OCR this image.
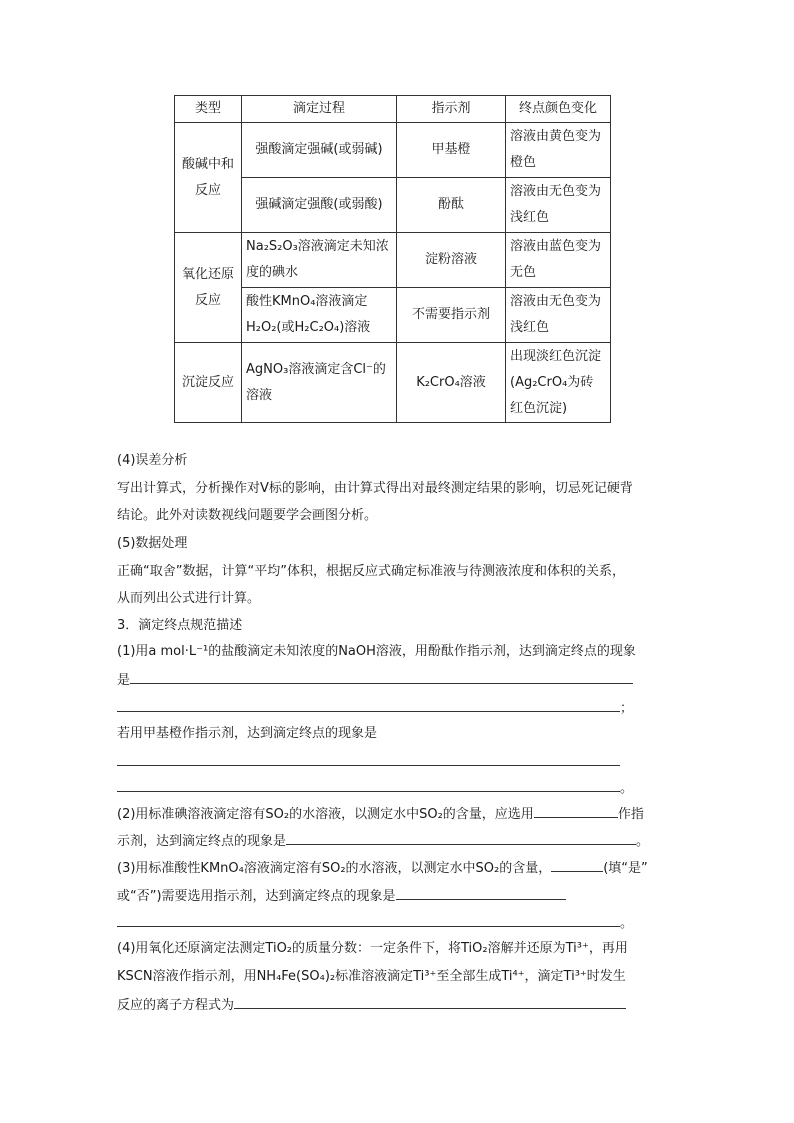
类型	滴定过程	指示剂	终点颜色变化
酸碱中和反应	强酸滴定强碱(或弱碱)	甲基橙	溶液由黄色变为橙色
	强碱滴定强酸(或弱酸)	酚酞	溶液由无色变为浅红色
氧化还原反应	Na₂S₂O₃溶液滴定未知浓度的碘水	淀粉溶液	溶液由蓝色变为无色
	酸性KMnO₄溶液滴定H₂O₂(或H₂C₂O₄)溶液	不需要指示剂	溶液由无色变为浅红色
沉淀反应	AgNO₃溶液滴定含Cl⁻的溶液	K₂CrO₄溶液	出现淡红色沉淀(Ag₂CrO₄为砖红色沉淀)
(4)误差分析
写出计算式，分析操作对V标的影响，由计算式得出对最终测定结果的影响，切忌死记硬背
结论。此外对读数视线问题要学会画图分析。
(5)数据处理
正确“取舍”数据，计算“平均”体积，根据反应式确定标准液与待测液浓度和体积的关系，
从而列出公式进行计算。
3．滴定终点规范描述
(1)用a mol·L⁻¹的盐酸滴定未知浓度的NaOH溶液，用酚酞作指示剂，达到滴定终点的现象
是
；
若用甲基橙作指示剂，达到滴定终点的现象是
。
(2)用标准碘溶液滴定溶有SO₂的水溶液，以测定水中SO₂的含量，应选用	作指
示剂，达到滴定终点的现象是	。
(3)用标准酸性KMnO₄溶液滴定溶有SO₂的水溶液，以测定水中SO₂的含量，	(填“是”
或“否”)需要选用指示剂，达到滴定终点的现象是
。
(4)用氧化还原滴定法测定TiO₂的质量分数：一定条件下，将TiO₂溶解并还原为Ti³⁺，再用
KSCN溶液作指示剂，用NH₄Fe(SO₄)₂标准溶液滴定Ti³⁺至全部生成Ti⁴⁺，滴定Ti³⁺时发生
反应的离子方程式为
